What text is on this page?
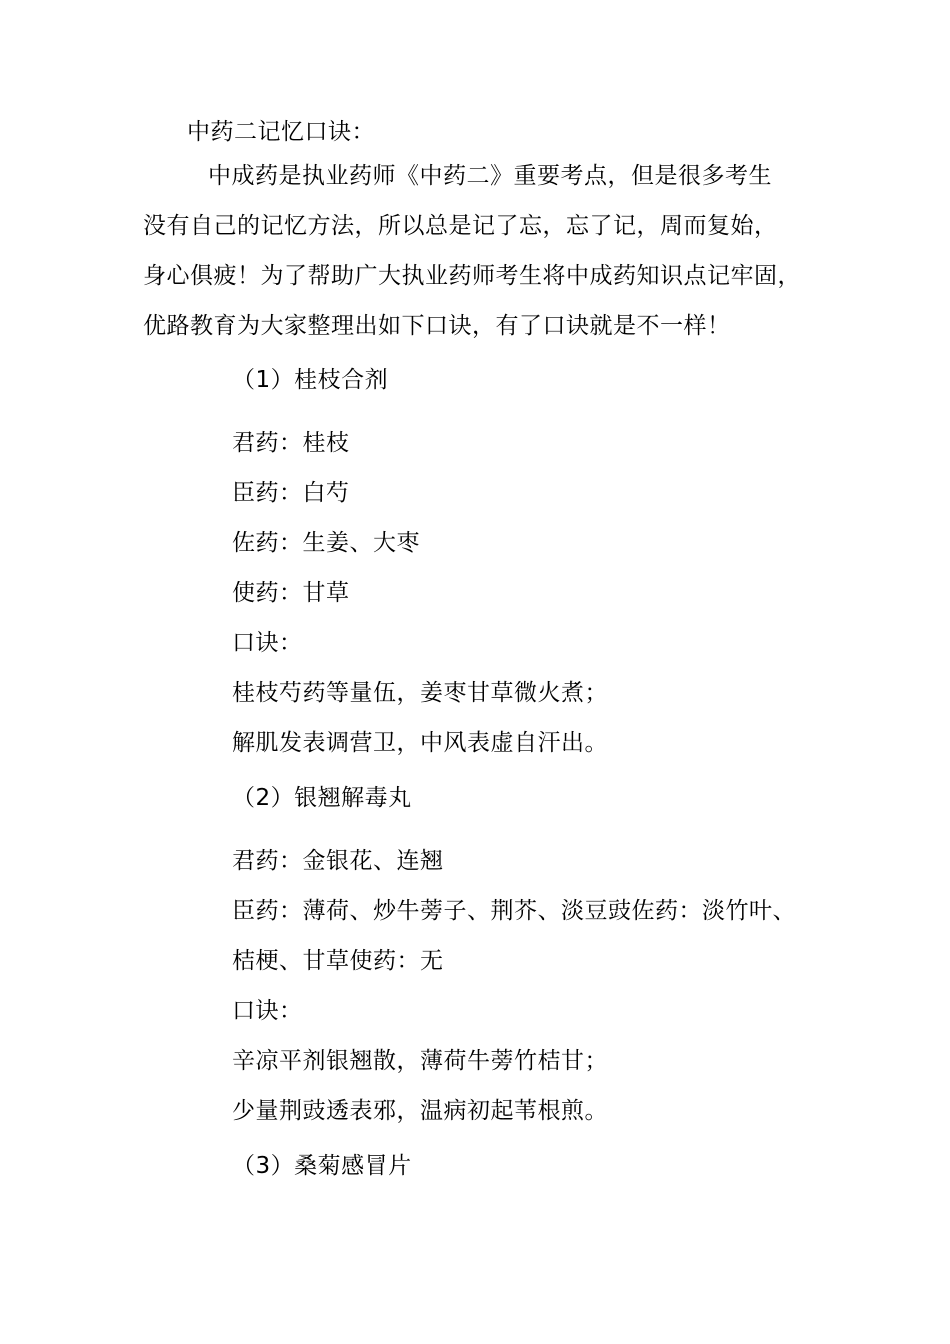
中药二记忆口诀：
中成药是执业药师《中药二》重要考点，但是很多考生
没有自己的记忆方法，所以总是记了忘，忘了记，周而复始，
身心俱疲！为了帮助广大执业药师考生将中成药知识点记牢固，
优路教育为大家整理出如下口诀，有了口诀就是不一样！
（1）桂枝合剂
君药：桂枝
臣药：白芍
佐药：生姜、大枣
使药：甘草
口诀：
桂枝芍药等量伍，姜枣甘草微火煮；
解肌发表调营卫，中风表虚自汗出。
（2）银翘解毒丸
君药：金银花、连翘
臣药：薄荷、炒牛蒡子、荆芥、淡豆豉佐药：淡竹叶、
桔梗、甘草使药：无
口诀：
辛凉平剂银翘散，薄荷牛蒡竹桔甘；
少量荆豉透表邪，温病初起苇根煎。
（3）桑菊感冒片
